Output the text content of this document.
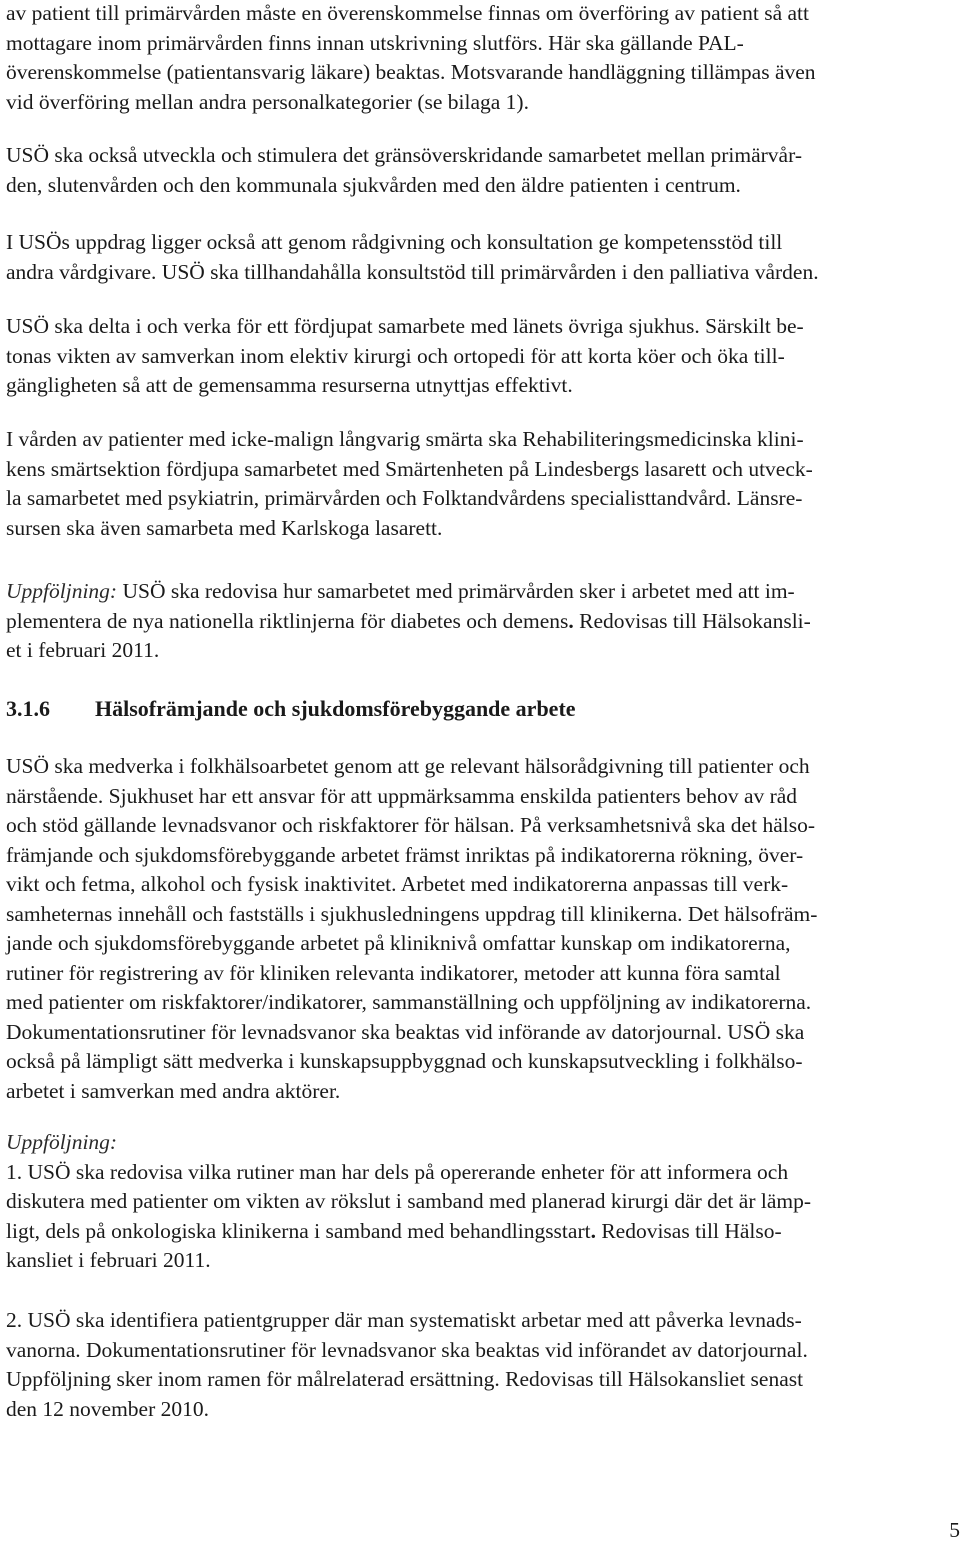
av patient till primärvården måste en överenskommelse finnas om överföring av patient så att
mottagare inom primärvården finns innan utskrivning slutförs. Här ska gällande PAL-
överenskommelse (patientansvarig läkare) beaktas. Motsvarande handläggning tillämpas även
vid överföring mellan andra personalkategorier (se bilaga 1).

USÖ ska också utveckla och stimulera det gränsöverskridande samarbetet mellan primärvår-
den, slutenvården och den kommunala sjukvården med den äldre patienten i centrum.

I USÖs uppdrag ligger också att genom rådgivning och konsultation ge kompetensstöd till
andra vårdgivare. USÖ ska tillhandahålla konsultstöd till primärvården i den palliativa vården.

USÖ ska delta i och verka för ett fördjupat samarbete med länets övriga sjukhus. Särskilt be-
tonas vikten av samverkan inom elektiv kirurgi och ortopedi för att korta köer och öka till-
gängligheten så att de gemensamma resurserna utnyttjas effektivt.

I vården av patienter med icke-malign långvarig smärta ska Rehabiliteringsmedicinska klini-
kens smärtsektion fördjupa samarbetet med Smärtenheten på Lindesbergs lasarett och utveck-
la samarbetet med psykiatrin, primärvården och Folktandvårdens specialisttandvård. Länsre-
sursen ska även samarbeta med Karlskoga lasarett.

Uppföljning: USÖ ska redovisa hur samarbetet med primärvården sker i arbetet med att im-
plementera de nya nationella riktlinjerna för diabetes och demens. Redovisas till Hälsokansli-
et i februari 2011.

3.1.6 Hälsofrämjande och sjukdomsförebyggande arbete

USÖ ska medverka i folkhälsoarbetet genom att ge relevant hälsorådgivning till patienter och
närstående. Sjukhuset har ett ansvar för att uppmärksamma enskilda patienters behov av råd
och stöd gällande levnadsvanor och riskfaktorer för hälsan. På verksamhetsnivå ska det hälso-
främjande och sjukdomsförebyggande arbetet främst inriktas på indikatorerna rökning, över-
vikt och fetma, alkohol och fysisk inaktivitet. Arbetet med indikatorerna anpassas till verk-
samheternas innehåll och fastställs i sjukhusledningens uppdrag till klinikerna. Det hälsofräm-
jande och sjukdomsförebyggande arbetet på kliniknivå omfattar kunskap om indikatorerna,
rutiner för registrering av för kliniken relevanta indikatorer, metoder att kunna föra samtal
med patienter om riskfaktorer/indikatorer, sammanställning och uppföljning av indikatorerna.
Dokumentationsrutiner för levnadsvanor ska beaktas vid införande av datorjournal. USÖ ska
också på lämpligt sätt medverka i kunskapsuppbyggnad och kunskapsutveckling i folkhälso-
arbetet i samverkan med andra aktörer.

Uppföljning:
1. USÖ ska redovisa vilka rutiner man har dels på opererande enheter för att informera och
diskutera med patienter om vikten av rökslut i samband med planerad kirurgi där det är lämp-
ligt, dels på onkologiska klinikerna i samband med behandlingsstart. Redovisas till Hälso-
kansliet i februari 2011.

2. USÖ ska identifiera patientgrupper där man systematiskt arbetar med att påverka levnads-
vanorna. Dokumentationsrutiner för levnadsvanor ska beaktas vid införandet av datorjournal.
Uppföljning sker inom ramen för målrelaterad ersättning. Redovisas till Hälsokansliet senast
den 12 november 2010.

5
